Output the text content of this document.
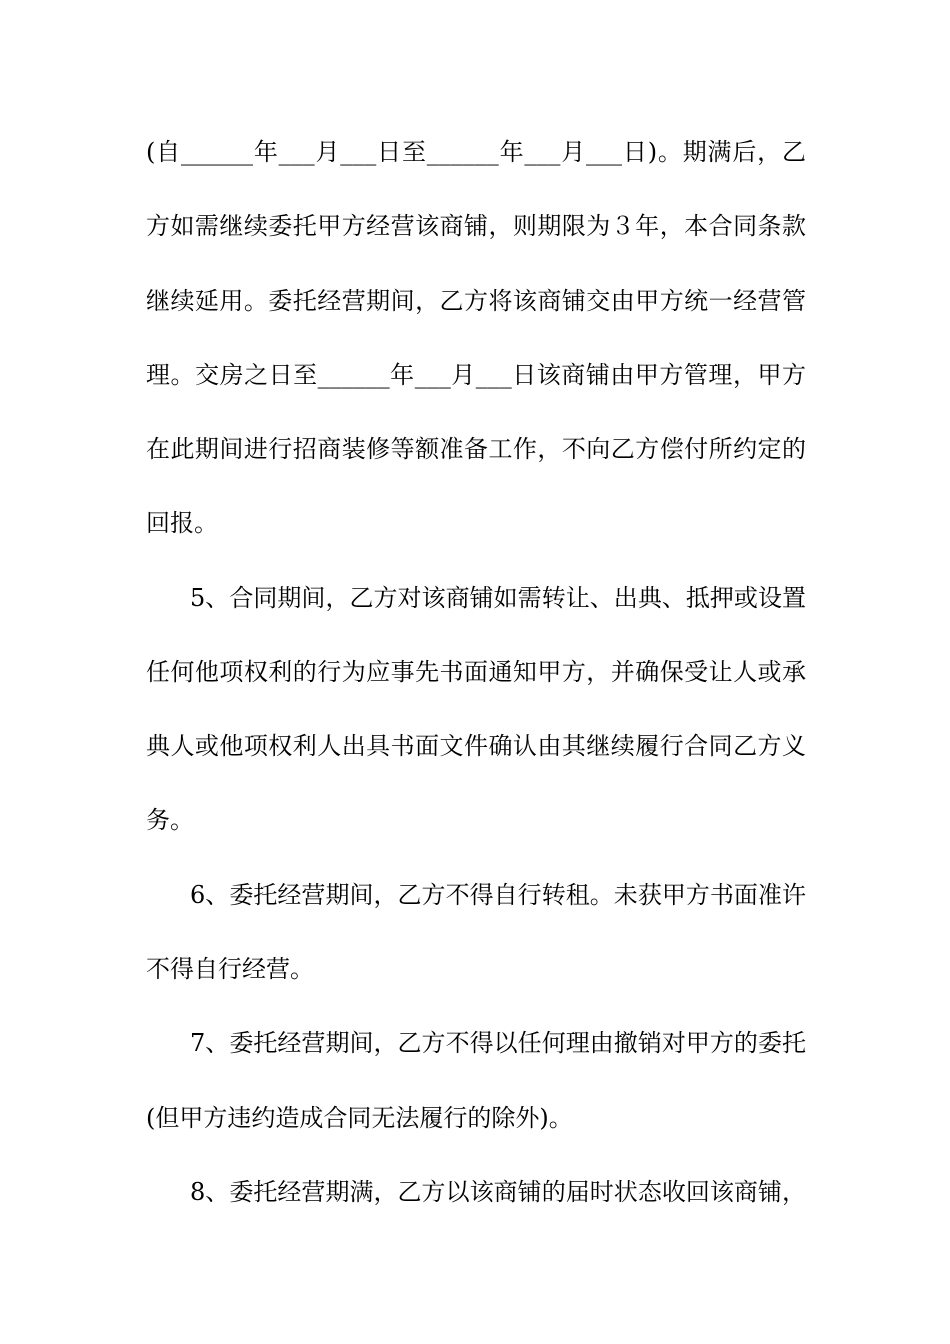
(自______年___月___日至______年___月___日)。期满后，乙
方如需继续委托甲方经营该商铺，则期限为３年，本合同条款
继续延用。委托经营期间，乙方将该商铺交由甲方统一经营管
理。交房之日至______年___月___日该商铺由甲方管理，甲方
在此期间进行招商装修等额准备工作，不向乙方偿付所约定的
回报。
5、合同期间，乙方对该商铺如需转让、出典、抵押或设置
任何他项权利的行为应事先书面通知甲方，并确保受让人或承
典人或他项权利人出具书面文件确认由其继续履行合同乙方义
务。
6、委托经营期间，乙方不得自行转租。未获甲方书面准许
不得自行经营。
7、委托经营期间，乙方不得以任何理由撤销对甲方的委托
(但甲方违约造成合同无法履行的除外)。
8、委托经营期满，乙方以该商铺的届时状态收回该商铺，
